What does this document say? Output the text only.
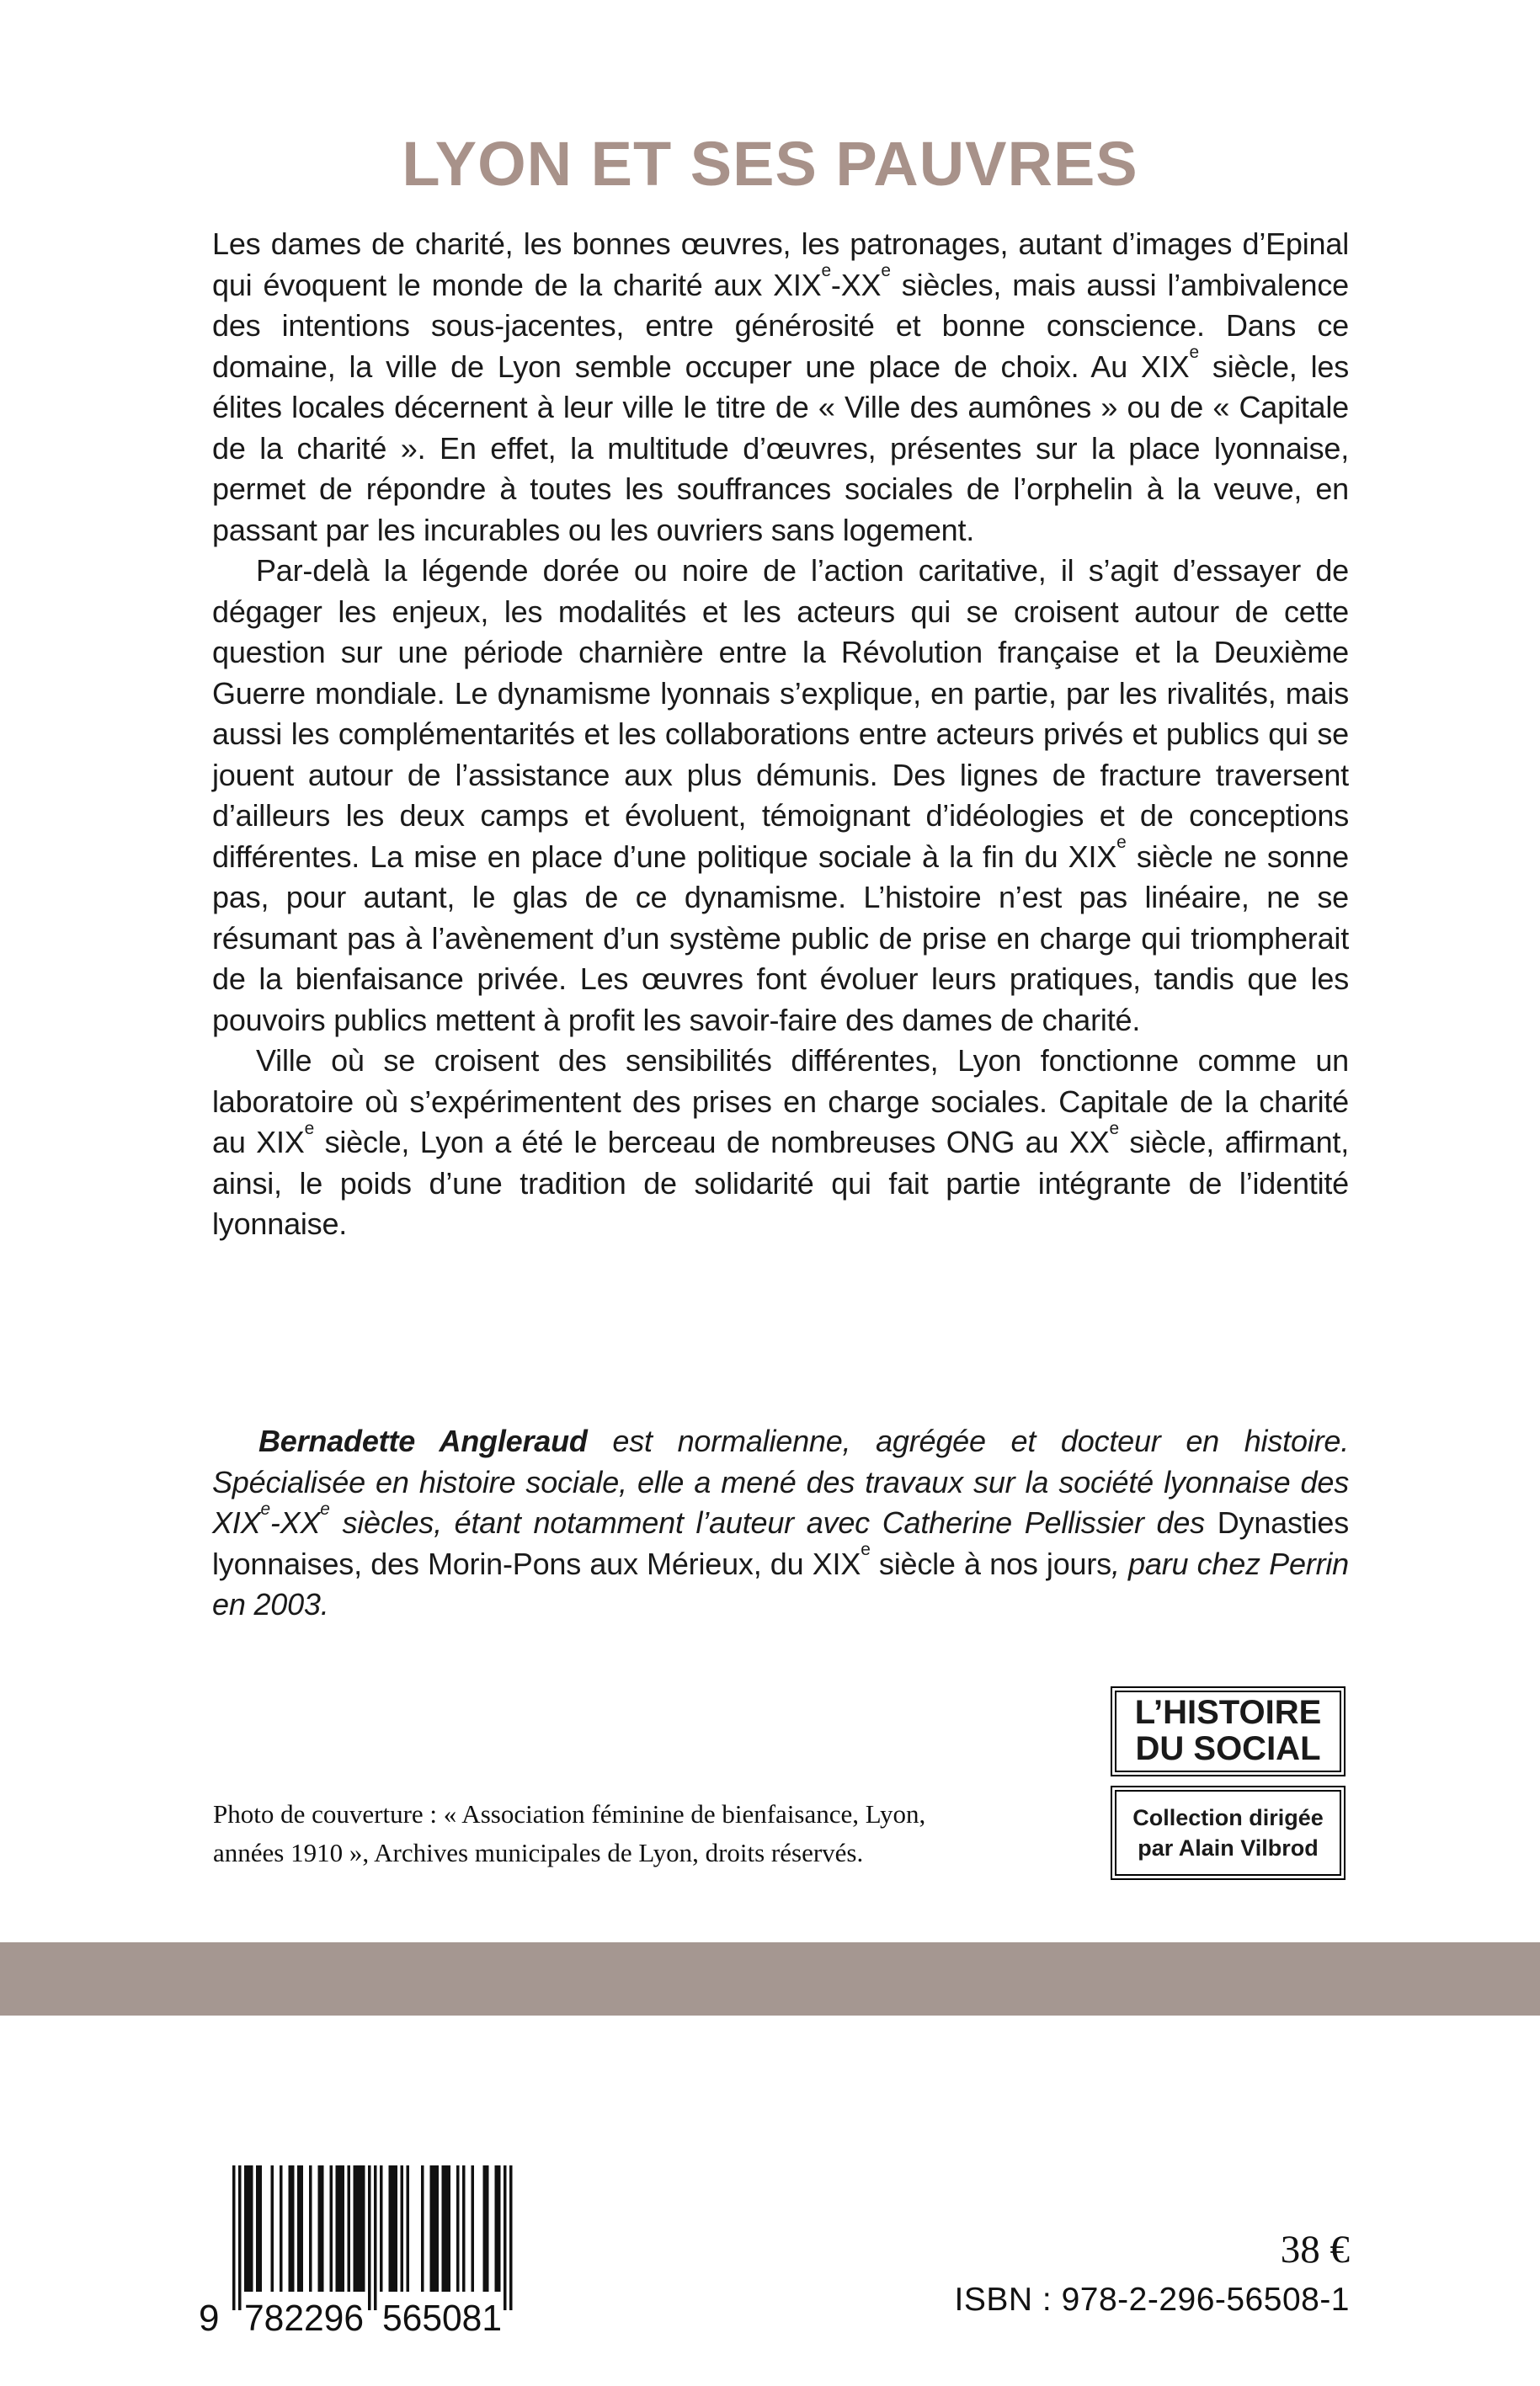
LYON ET SES PAUVRES

Les dames de charité, les bonnes œuvres, les patronages, autant d’images d’Epinal qui évoquent le monde de la charité aux XIXe-XXe siècles, mais aussi l’ambivalence des intentions sous-jacentes, entre générosité et bonne conscience. Dans ce domaine, la ville de Lyon semble occuper une place de choix. Au XIXe siècle, les élites locales décernent à leur ville le titre de « Ville des aumônes » ou de « Capitale de la charité ». En effet, la multitude d’œuvres, présentes sur la place lyonnaise, permet de répondre à toutes les souffrances sociales de l’orphelin à la veuve, en passant par les incurables ou les ouvriers sans logement.

Par-delà la légende dorée ou noire de l’action caritative, il s’agit d’essayer de dégager les enjeux, les modalités et les acteurs qui se croisent autour de cette question sur une période charnière entre la Révolution française et la Deuxième Guerre mondiale. Le dynamisme lyonnais s’explique, en partie, par les rivalités, mais aussi les complémentarités et les collaborations entre acteurs privés et publics qui se jouent autour de l’assistance aux plus démunis. Des lignes de fracture traversent d’ailleurs les deux camps et évoluent, témoignant d’idéologies et de conceptions différentes. La mise en place d’une politique sociale à la fin du XIXe siècle ne sonne pas, pour autant, le glas de ce dynamisme. L’histoire n’est pas linéaire, ne se résumant pas à l’avènement d’un système public de prise en charge qui triompherait de la bienfaisance privée. Les œuvres font évoluer leurs pratiques, tandis que les pouvoirs publics mettent à profit les savoir-faire des dames de charité.

Ville où se croisent des sensibilités différentes, Lyon fonctionne comme un laboratoire où s’expérimentent des prises en charge sociales. Capitale de la charité au XIXe siècle, Lyon a été le berceau de nombreuses ONG au XXe siècle, affirmant, ainsi, le poids d’une tradition de solidarité qui fait partie intégrante de l’identité lyonnaise.

Bernadette Angleraud est normalienne, agrégée et docteur en histoire. Spécialisée en histoire sociale, elle a mené des travaux sur la société lyonnaise des XIXe-XXe siècles, étant notamment l’auteur avec Catherine Pellissier des Dynasties lyonnaises, des Morin-Pons aux Mérieux, du XIXe siècle à nos jours, paru chez Perrin en 2003.

L’HISTOIRE
DU SOCIAL
Collection dirigée
par Alain Vilbrod
Photo de couverture : « Association féminine de bienfaisance, Lyon,
années 1910 », Archives municipales de Lyon, droits réservés.
9 782296 565081
38 €
ISBN : 978-2-296-56508-1
